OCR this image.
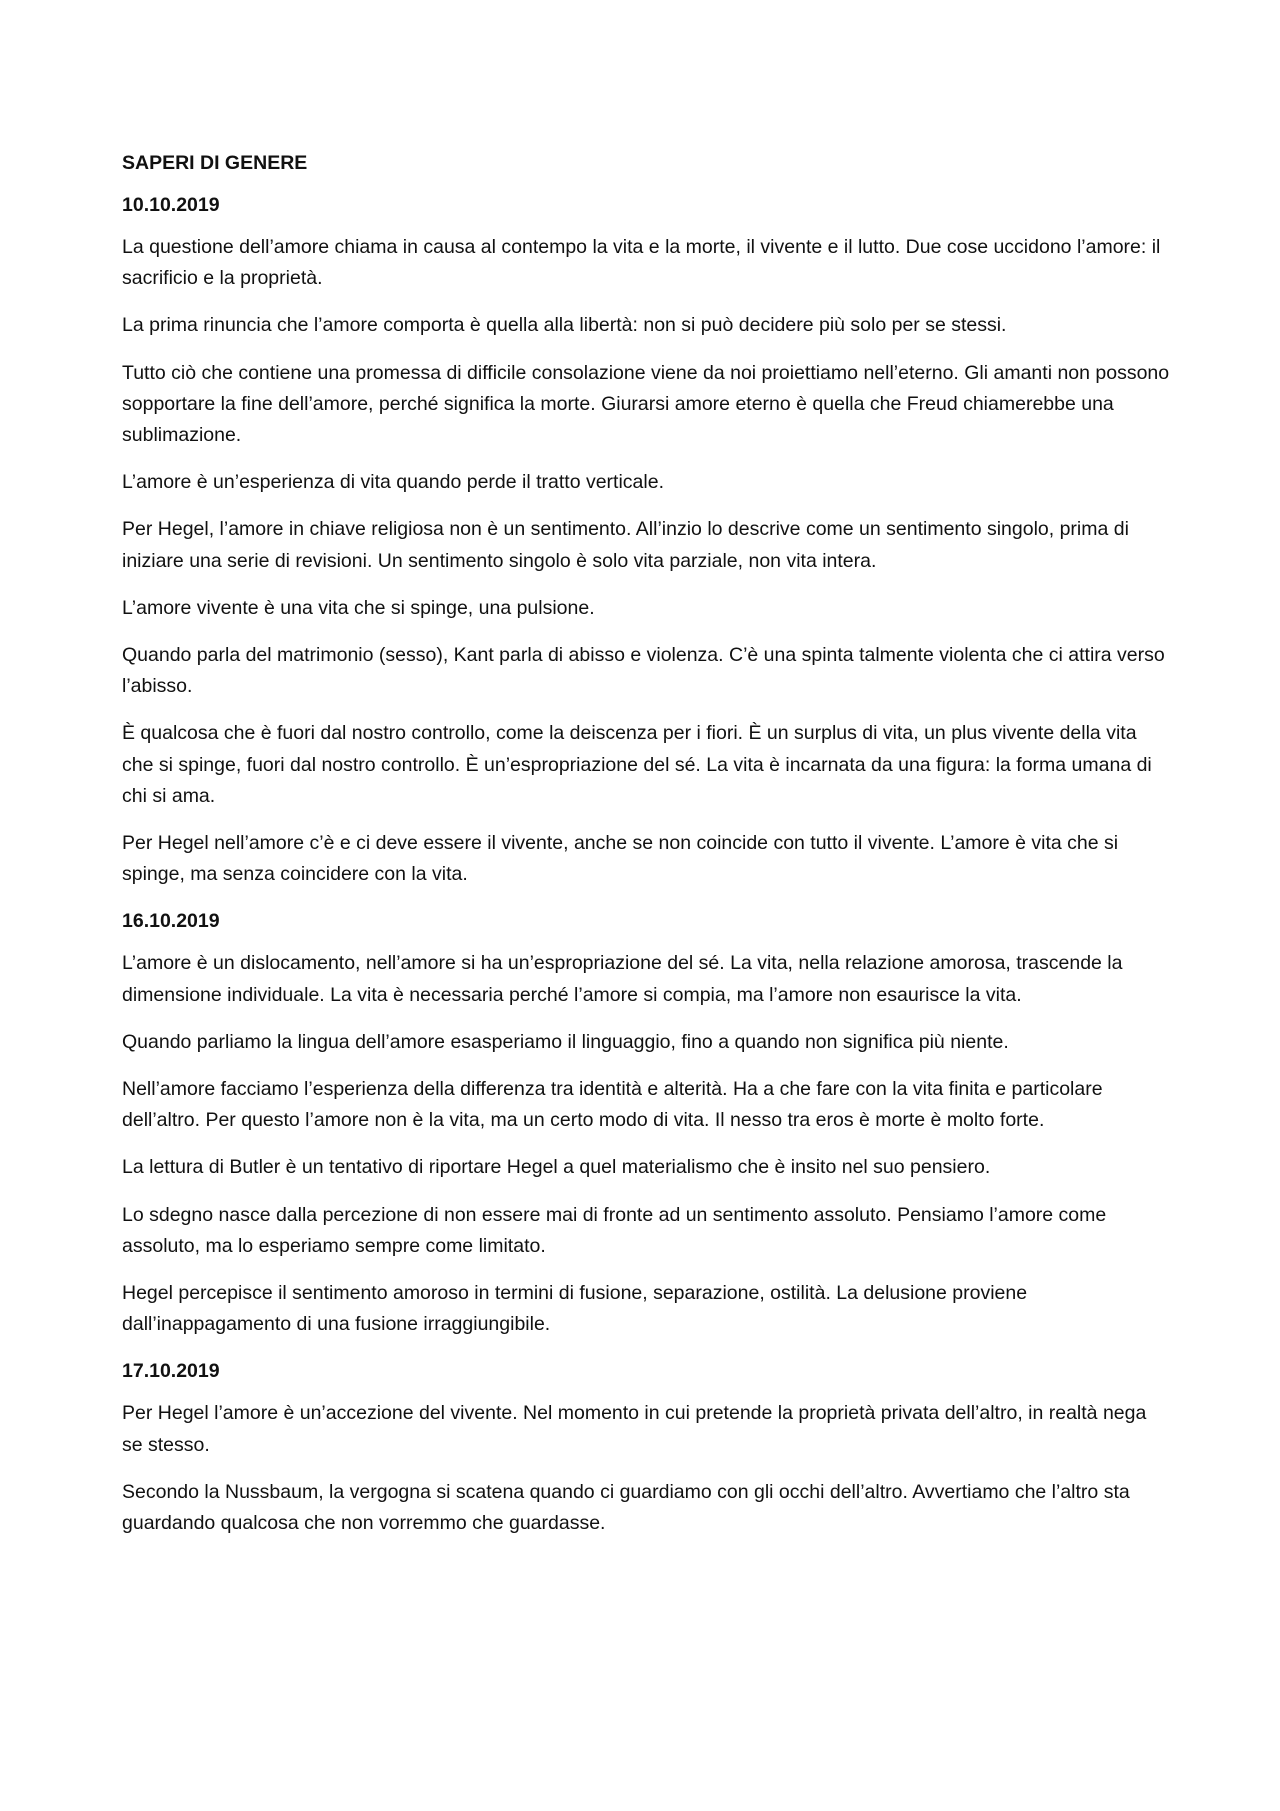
SAPERI DI GENERE
10.10.2019

La questione dell’amore chiama in causa al contempo la vita e la morte, il vivente e il lutto. Due cose uccidono l’amore: il sacrificio e la proprietà.

La prima rinuncia che l’amore comporta è quella alla libertà: non si può decidere più solo per se stessi.

Tutto ciò che contiene una promessa di difficile consolazione viene da noi proiettiamo nell’eterno. Gli amanti non possono sopportare la fine dell’amore, perché significa la morte. Giurarsi amore eterno è quella che Freud chiamerebbe una sublimazione.

L’amore è un’esperienza di vita quando perde il tratto verticale.

Per Hegel, l’amore in chiave religiosa non è un sentimento. All’inzio lo descrive come un sentimento singolo, prima di iniziare una serie di revisioni. Un sentimento singolo è solo vita parziale, non vita intera.

L’amore vivente è una vita che si spinge, una pulsione.

Quando parla del matrimonio (sesso), Kant parla di abisso e violenza. C’è una spinta talmente violenta che ci attira verso l’abisso.

È qualcosa che è fuori dal nostro controllo, come la deiscenza per i fiori. È un surplus di vita, un plus vivente della vita che si spinge, fuori dal nostro controllo. È un’espropriazione del sé. La vita è incarnata da una figura: la forma umana di chi si ama.

Per Hegel nell’amore c’è e ci deve essere il vivente, anche se non coincide con tutto il vivente. L’amore è vita che si spinge, ma senza coincidere con la vita.

16.10.2019

L’amore è un dislocamento, nell’amore si ha un’espropriazione del sé. La vita, nella relazione amorosa, trascende la dimensione individuale. La vita è necessaria perché l’amore si compia, ma l’amore non esaurisce la vita.

Quando parliamo la lingua dell’amore esasperiamo il linguaggio, fino a quando non significa più niente.

Nell’amore facciamo l’esperienza della differenza tra identità e alterità. Ha a che fare con la vita finita e particolare dell’altro. Per questo l’amore non è la vita, ma un certo modo di vita. Il nesso tra eros è morte è molto forte.

La lettura di Butler è un tentativo di riportare Hegel a quel materialismo che è insito nel suo pensiero.

Lo sdegno nasce dalla percezione di non essere mai di fronte ad un sentimento assoluto. Pensiamo l’amore come assoluto, ma lo esperiamo sempre come limitato.

Hegel percepisce il sentimento amoroso in termini di fusione, separazione, ostilità. La delusione proviene dall’inappagamento di una fusione irraggiungibile.

17.10.2019

Per Hegel l’amore è un’accezione del vivente. Nel momento in cui pretende la proprietà privata dell’altro, in realtà nega se stesso.

Secondo la Nussbaum, la vergogna si scatena quando ci guardiamo con gli occhi dell’altro. Avvertiamo che l’altro sta guardando qualcosa che non vorremmo che guardasse.
